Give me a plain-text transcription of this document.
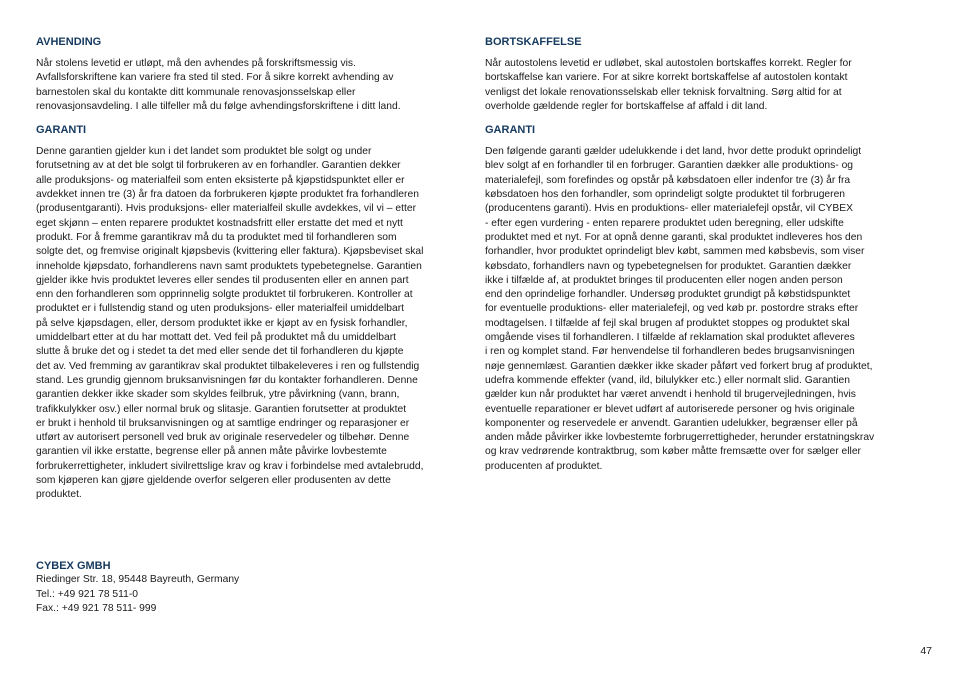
AVHENDING
Når stolens levetid er utløpt, må den avhendes på forskriftsmessig vis.
Avfallsforskriftene kan variere fra sted til sted. For å sikre korrekt avhending av
barnestolen skal du kontakte ditt kommunale renovasjonsselskap eller
renovasjonsavdeling. I alle tilfeller må du følge avhendingsforskriftene i ditt land.
GARANTI
Denne garantien gjelder kun i det landet som produktet ble solgt og under
forutsetning av at det ble solgt til forbrukeren av en forhandler. Garantien dekker
alle produksjons- og materialfeil som enten eksisterte på kjøpstidspunktet eller er
avdekket innen tre (3) år fra datoen da forbrukeren kjøpte produktet fra forhandleren
(produsentgaranti). Hvis produksjons- eller materialfeil skulle avdekkes, vil vi – etter
eget skjønn – enten reparere produktet kostnadsfritt eller erstatte det med et nytt
produkt. For å fremme garantikrav må du ta produktet med til forhandleren som
solgte det, og fremvise originalt kjøpsbevis (kvittering eller faktura). Kjøpsbeviset skal
inneholde kjøpsdato, forhandlerens navn samt produktets typebetegnelse. Garantien
gjelder ikke hvis produktet leveres eller sendes til produsenten eller en annen part
enn den forhandleren som opprinnelig solgte produktet til forbrukeren. Kontroller at
produktet er i fullstendig stand og uten produksjons- eller materialfeil umiddelbart
på selve kjøpsdagen, eller, dersom produktet ikke er kjøpt av en fysisk forhandler,
umiddelbart etter at du har mottatt det. Ved feil på produktet må du umiddelbart
slutte å bruke det og i stedet ta det med eller sende det til forhandleren du kjøpte
det av. Ved fremming av garantikrav skal produktet tilbakeleveres i ren og fullstendig
stand. Les grundig gjennom bruksanvisningen før du kontakter forhandleren. Denne
garantien dekker ikke skader som skyldes feilbruk, ytre påvirkning (vann, brann,
trafikkulykker osv.) eller normal bruk og slitasje. Garantien forutsetter at produktet
er brukt i henhold til bruksanvisningen og at samtlige endringer og reparasjoner er
utført av autorisert personell ved bruk av originale reservedeler og tilbehør. Denne
garantien vil ikke erstatte, begrense eller på annen måte påvirke lovbestemte
forbrukerrettigheter, inkludert sivilrettslige krav og krav i forbindelse med avtalebrudd,
som kjøperen kan gjøre gjeldende overfor selgeren eller produsenten av dette
produktet.
BORTSKAFFELSE
Når autostolens levetid er udløbet, skal autostolen bortskaffes korrekt. Regler for
bortskaffelse kan variere. For at sikre korrekt bortskaffelse af autostolen kontakt
venligst det lokale renovationsselskab eller teknisk forvaltning. Sørg altid for at
overholde gældende regler for bortskaffelse af affald i dit land.
GARANTI
Den følgende garanti gælder udelukkende i det land, hvor dette produkt oprindeligt
blev solgt af en forhandler til en forbruger. Garantien dækker alle produktions- og
materialefejl, som forefindes og opstår på købsdatoen eller indenfor tre (3) år fra
købsdatoen hos den forhandler, som oprindeligt solgte produktet til forbrugeren
(producentens garanti). Hvis en produktions- eller materialefejl opstår, vil CYBEX
- efter egen vurdering - enten reparere produktet uden beregning, eller udskifte
produktet med et nyt. For at opnå denne garanti, skal produktet indleveres hos den
forhandler, hvor produktet oprindeligt blev købt, sammen med købsbevis, som viser
købsdato, forhandlers navn og typebetegnelsen for produktet. Garantien dækker
ikke i tilfælde af, at produktet bringes til producenten eller nogen anden person
end den oprindelige forhandler. Undersøg produktet grundigt på købstidspunktet
for eventuelle produktions- eller materialefejl, og ved køb pr. postordre straks efter
modtagelsen. I tilfælde af fejl skal brugen af produktet stoppes og produktet skal
omgående vises til forhandleren. I tilfælde af reklamation skal produktet afleveres
i ren og komplet stand. Før henvendelse til forhandleren bedes brugsanvisningen
nøje gennemlæst. Garantien dækker ikke skader påført ved forkert brug af produktet,
udefra kommende effekter (vand, ild, bilulykker etc.) eller normalt slid. Garantien
gælder kun når produktet har været anvendt i henhold til brugervejledningen, hvis
eventuelle reparationer er blevet udført af autoriserede personer og hvis originale
komponenter og reservedele er anvendt. Garantien udelukker, begrænser eller på
anden måde påvirker ikke lovbestemte forbrugerrettigheder, herunder erstatningskrav
og krav vedrørende kontraktbrug, som køber måtte fremsætte over for sælger eller
producenten af produktet.
CYBEX GMBH
Riedinger Str. 18, 95448 Bayreuth, Germany
Tel.: +49 921 78 511-0
Fax.: +49 921 78 511- 999
47
